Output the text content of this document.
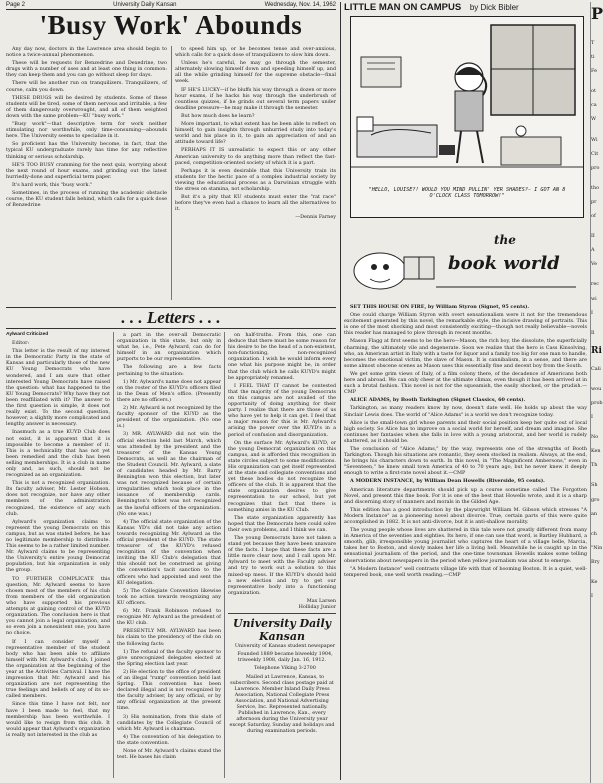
Page 2	University Daily Kansan	Wednesday, Nov. 14, 1962
'Busy Work' Abounds

Any day now, doctors in the Lawrence area should begin to notice a twice-annual phenomenon.

These will be requests for Benzedrine and Dexedrine, two drugs with a number of uses and at least one thing in common: they can keep them and you can go without sleep for days.

There will be another run on tranquilizers. Tranquilizers, of course, calm you down.

THESE DRUGS will be desired by students. Some of these students will be tired, some of them nervous and irritable, a few of them dangerously overwrought, and all of them weighted down with the same problem—KU "busy work."

"Busy work"—that descriptive term for work neither stimulating nor worthwhile, only time-consuming—abounds here. The University seems to specialize in it.

So proficient has the University become, in fact, that the typical KU undergraduate rarely has time for any reflective thinking or serious scholarship.

HE'S TOO BUSY cramming for the next quiz, worrying about the next round of hour exams, and grinding out the latest hurriedly-done and superficial term paper.

It's hard work, this "busy work."

Sometimes, in the process of running the academic obstacle course, the KU student falls behind, which calls for a quick dose of Benzedrine

to speed him up, or he becomes tense and over-anxious, which calls for a quick dose of tranquilizers to slow him down.

Unless he's careful, he may go through the semester, alternately slowing himself down and speeding himself up, and all the while grinding himself for the supreme obstacle—final week.

IF HE'S LUCKY—if he bluffs his way through a dozen or more hour exams, if he hacks his way through the underbrush of countless quizzes, if he grinds out several term papers under deadline pressure—he may make it through the semester.

But how much does he learn?

More important, to what extent has he been able to reflect on himself, to gain insights through unhurried study into today's world and his place in it, to gain an appreciation of and an attitude toward life?

PERHAPS IT IS unrealistic to expect this or any other American university to do anything more than reflect the fast-paced, competition-oriented society of which it is a part.

Perhaps it is even desirable that this University train its students for the hectic pace of a complex industrial society by viewing the educational process as a Darwinian struggle with the stress on stamina, not scholarship.

But it's a pity that KU students must enter the "rat race" before they've even had a chance to learn all the alternatives to it.

—Dennis Farney

. . . Letters . . .

Aylward Criticized

Editor:

This letter is the result of my interest in the Democratic Party in the state of Kansas and particularly those of the new KU Young Democrats who have wondered, and I am sure that other interested Young Democrats have raised the question: what has happened to the KU Young Democrats? Why have they not been reaffiliated with it? The answer to the first question is simple, it does not really exist. To the second question, however, a slightly more complicated and lengthy answer is necessary.

Inasmuch as a true KUYD Club does not exist, it is apparent that it is impossible to become a member of it. This is a technicality that has not yet been remedied and the club has been selling memberships. It is a club in name only and, as such, should not be recognized as an organization.

This is not a recognized organization. Its faculty adviser, Mr. Lester Hobson, does not recognize, nor have any other members of the administration recognized, the existence of any such club.

Aylward's organization claims to represent the young Democrats on this campus, but as was stated before, he has no legitimate membership to distribute. This seems to be a rather limited number. Mr. Aylward claims to be representing the University's entire young Democrat population, but his organization is only the group.

TO FURTHER COMPLICATE this question, Mr. Aylward seems to have chosen most of the members of his club from members of the old organization who have supported his previous attempts at gaining control of the KUYD organization. The conclusion here is that you cannot join a legal organization, and so even join a nonexistent one; you have no choice.

If I can consider myself a representative member of the student body who has been able to affiliate himself with Mr. Aylward's club, I joined the organization at the beginning of the year at the Activities Carnival. I have the impression that Mr. Aylward and his organization are not representing the true feelings and beliefs of any of its so-called members.

Since this time I have not felt, nor have I been made to feel, that my membership has been worthwhile. I would like to resign from this club. It would appear that Aylward's organization is really not interested in the club as

a part in the over-all Democratic organization in this state, but only in what he, i.e., Pete Aylward, can do for himself in an organization which purports to be our representative.

The following are a few facts pertaining to the situation:

1) Mr. Aylward's name does not appear on the roster of the KUYD's officers filed in the Dean of Men's office. (Presently there are no officers.)

2) Mr. Aylward is not recognized by the faculty sponsor of the KUYD as the president of the organization. (No one is.)

3) MR. AYLWARD did not win the official election held last March, which was attended by the president and the treasurer of the Kansas Young Democrats, as well as the chairman of the Student Council. Mr. Aylward, a slate of candidates headed by Mr. Barry Bennington won this election, but later was not recognized because of certain irregularities which took place in the issuance of membership cards. Bennington's ticket was not recognized as the lawful officers of the organization. (No one was.)

4) The official state organization of the Kansas YD's did not take any action towards recognizing Mr. Aylward as the official president of the KUYD. The state treasurer of the KUYD's refused recognition of the convention when inviting the KU Club's delegation that this should not be construed as giving the convention's tacit sanction to the officers who had appointed and sent the KU delegation.

5) The Collegiate Convention likewise took no action towards recognizing any KU officers.

6) Mr. Frank Robinson refused to recognize Mr. Aylward as the president of the KU club.

PRESENTLY MR. AYLWARD has been his claim to the presidency of the club on the following facts:

1) The refusal of the faculty sponsor to give unrecognized delegates elected at the Spring election last year.

2) He election to the office of president of an illegal "rump" convention held last Spring. This convention has been declared illegal and is not recognized by the faculty adviser, by any official, or by any official organization at the present time.

3) His nomination, from this slate of candidates by the Collegiate Council of which Mr. Aylward is chairman.

4) The convention of his delegation to the state convention.

None of Mr. Aylward's claims stand the test. He bases his claim

on half-truths. From this, one can deduce that there must be some reason for his desire to be the head of a non-existent, non-functioning, non-recognized organization. I wish he would inform every one what his purpose might be, in order that the club which he calls KUYD's might be appropriately renamed.

I FEEL THAT IT cannot be contested that the majority of the young Democrats on this campus are not availed of the opportunity of doing anything for their party. I realize that there are those of us who have yet to help it can get. I feel that a major reason for this is Mr. Aylward's arising the power over the KUYD's in a period of confusion and disorganization.

On the surface Mr. Aylward's KUYD, or the young Democrat organization on this campus, and is afforded this recognition in state circles subject to some modifications. His organization can get itself represented at the state and collegiate conventions and yet these bodies do not recognize the officers of the club. It is apparent that the state organization desires to give representation to our school, but yet recognizes that fact that there is something amiss in the KU Club.

The state organization apparently has hoped that the Democrats here could solve their own problems, and I think we can.

The young Democrats have not taken a stand yet because they have been unaware of the facts. I hope that these facts are a little more clear now, and I call upon Mr. Aylward to meet with the Faculty adviser and try to work out a solution to this mixed-up mess. If the KUYD's should hold a new election and try to get our representative body into a functioning organization.

Max Larsen
Holliday Junior
University Daily Kansan

University of Kansas student newspaper

Founded 1889 became biweekly 1904, triweekly 1908, daily Jan. 16, 1912.

Telephone Viking 3-2700

Mailed at Lawrence, Kansas, to subscribers. Second class postage paid at Lawrence. Member Inland Daily Press Association, National Collegiate Press Association, and National Advertising Service, Inc. Represented nationally. Published in Lawrence, Kan., every afternoon during the University year except Saturday, Sunday and holidays and during examination periods.

LITTLE MAN ON CAMPUS by Dick Bibler
"HELLO, LOUISE?! WOULD YOU MIND PULLIN' YER SHADES?— I GOT AN 8 O'CLOCK CLASS TOMORROW!"
the
book world

SET THIS HOUSE ON FIRE, by William Styron (Signet, 95 cents).

One could charge William Styron with overt sensationalism were it not for the tremendous excitement generated by this novel, the remarkable style, the incisive drawing of portraits. This is one of the most shocking and most consistently exciting—though not really believable—novels this reader has managed to plow through in recent months.

Mason Flagg at first seems to be the hero—Mason, the rich boy, the dissolute, the superficially charming, the ultimately vile and degenerate. Soon we realize that the hero is Cass Kinsolving, who, an American artist in Italy with a taste for liquor and a family too big for one man to handle, becomes the emotional victim, the slave of Mason. It is cannibalism, in a sense, and there are some almost obscene scenes as Mason uses this essentially fine and decent boy from the South.

We get some grim views of Italy, of a film colony there, of the decadence of Americans both here and abroad. We can only cheer at the ultimate climax, even though it has been arrived at in such a brutal fashion. This novel is not for the squeamish, the easily shocked, or the prudish.—CMP

ALICE ADAMS, by Booth Tarkington (Signet Classics, 60 cents).

Tarkington, as many readers know by now, doesn't date well. He holds up about the way Sinclair Lewis does. The world of "Alice Adams" is a world we don't recognize today.

Alice is the small-town girl whose parents and their social position keep her quite out of local high society. So Alice has to improve on a social world for herself, and dream and imagine. She continues her fantasies when she falls in love with a young aristocrat, and her world is rudely shattered, as it should be.

The conclusion of "Alice Adams," by the way, represents one of the strengths of Booth Tarkington. Though his situations are romantic, they seem stocked in realism. Always, at the end, he brings his characters down to earth. In this novel, in "The Magnificent Ambersons," even in "Seventeen," he knew small town America of 40 to 70 years ago, but he never knew it deeply enough to write a first-rate novel about it.—CMP

A MODERN INSTANCE, by William Dean Howells (Riverside, 95 cents).

American literature departments should pick up a course sometime called The Forgotten Novel, and present this fine book. For it is one of the best that Howells wrote, and it is a sharp and discerning story of manners and morals in the Gilded Age.

This edition has a good introduction by the playwright William M. Gibson which stresses "A Modern Instance" as a pioneering novel about divorce. True, certain parts of this were quite accomplished in 1882. It is not anti-divorce, but it is anti-shallow morality.

The young people whose lives are shattered in this tale were not greatly different from many in America of the seventies and eighties. Its hero, if one can use that word, is Bartley Hubbard, a smooth, glib, irresponsible young journalist who captures the heart of a village belle, Marcia, takes her to Boston, and slowly makes her life a living hell. Meanwhile he is caught up in the sensational journalism of the period, and the one-time townsman Howells makes some telling observations about newspapers in the period when yellow journalism was about to emerge.

"A Modern Instance" well contrasts village life with that of booming Boston. It is a quiet, well-tempered book, one well worth reading.—CMP

P
T
ti
Fe
ot
ca
W
Wi
Cit
pro
tho
pr
of
II
A
Ve
rec
wi
I
Il
Ri
Cali
wou
prob
I
No
Ken
Th
Sh
gro
an
ch
"Nin
Bry
Ke
I
